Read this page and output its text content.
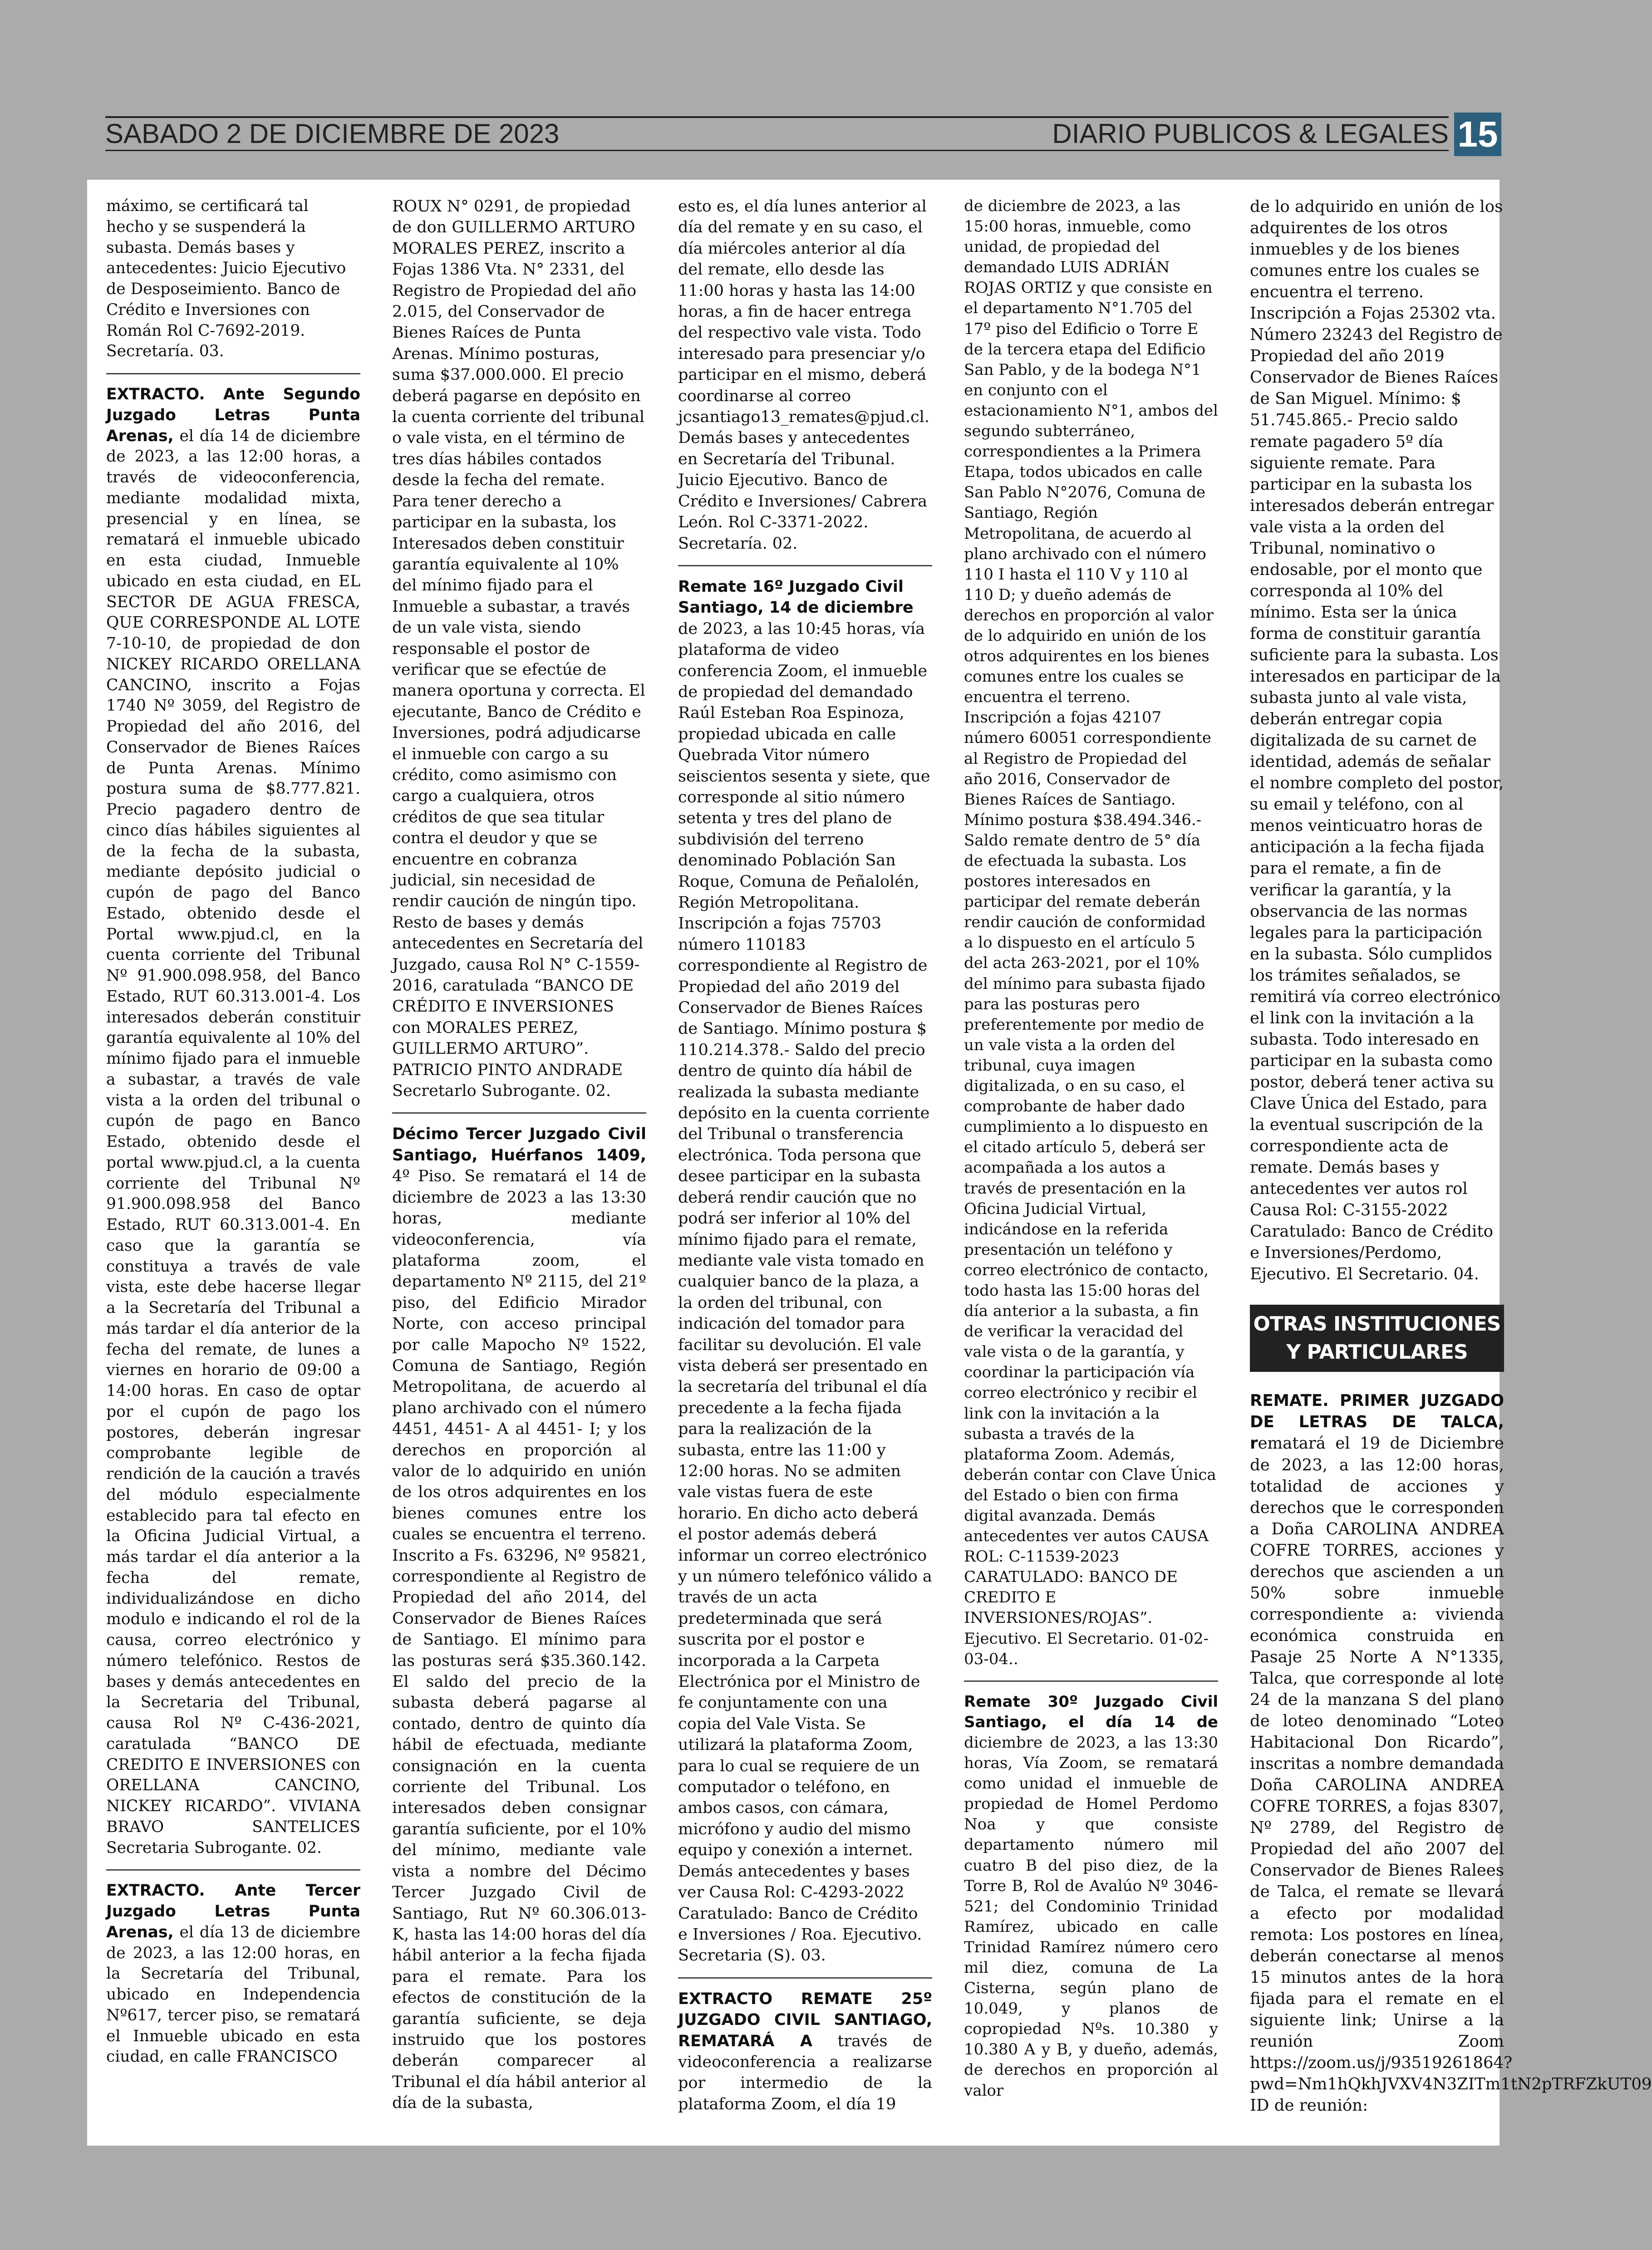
SABADO 2 DE DICIEMBRE DE 2023	DIARIO PUBLICOS & LEGALES 15

máximo, se certificará tal hecho y se suspenderá la subasta. Demás bases y antecedentes: Juicio Ejecutivo de Desposeimiento. Banco de Crédito e Inversiones con Román Rol C-7692-2019. Secretaría. 03.

EXTRACTO. Ante Segundo Juzgado Letras Punta Arenas, el día 14 de diciembre de 2023, a las 12:00 horas, a través de videoconferencia, mediante modalidad mixta, presencial y en línea, se rematará el inmueble ubicado en esta ciudad, Inmueble ubicado en esta ciudad, en EL SECTOR DE AGUA FRESCA, QUE CORRESPONDE AL LOTE 7-10-10, de propiedad de don NICKEY RICARDO ORELLANA CANCINO, inscrito a Fojas 1740 Nº 3059, del Registro de Propiedad del año 2016, del Conservador de Bienes Raíces de Punta Arenas. Mínimo postura suma de $8.777.821. Precio pagadero dentro de cinco días hábiles siguientes al de la fecha de la subasta, mediante depósito judicial o cupón de pago del Banco Estado, obtenido desde el Portal www.pjud.cl, en la cuenta corriente del Tribunal Nº 91.900.098.958, del Banco Estado, RUT 60.313.001-4. Los interesados deberán constituir garantía equivalente al 10% del mínimo fijado para el inmueble a subastar, a través de vale vista a la orden del tribunal o cupón de pago en Banco Estado, obtenido desde el portal www.pjud.cl, a la cuenta corriente del Tribunal Nº 91.900.098.958 del Banco Estado, RUT 60.313.001-4. En caso que la garantía se constituya a través de vale vista, este debe hacerse llegar a la Secretaría del Tribunal a más tardar el día anterior de la fecha del remate, de lunes a viernes en horario de 09:00 a 14:00 horas. En caso de optar por el cupón de pago los postores, deberán ingresar comprobante legible de rendición de la caución a través del módulo especialmente establecido para tal efecto en la Oficina Judicial Virtual, a más tardar el día anterior a la fecha del remate, individualizándose en dicho modulo e indicando el rol de la causa, correo electrónico y número telefónico. Restos de bases y demás antecedentes en la Secretaria del Tribunal, causa Rol Nº C-436-2021, caratulada “BANCO DE CREDITO E INVERSIONES con ORELLANA CANCINO, NICKEY RICARDO”. VIVIANA BRAVO SANTELICES Secretaria Subrogante. 02.

EXTRACTO. Ante Tercer Juzgado Letras Punta Arenas, el día 13 de diciembre de 2023, a las 12:00 horas, en la Secretaría del Tribunal, ubicado en Independencia Nº617, tercer piso, se rematará el Inmueble ubicado en esta ciudad, en calle FRANCISCO

ROUX N° 0291, de propiedad de don GUILLERMO ARTURO MORALES PEREZ, inscrito a Fojas 1386 Vta. N° 2331, del Registro de Propiedad del año 2.015, del Conservador de Bienes Raíces de Punta Arenas. Mínimo posturas, suma $37.000.000. El precio deberá pagarse en depósito en la cuenta corriente del tribunal o vale vista, en el término de tres días hábiles contados desde la fecha del remate. Para tener derecho a participar en la subasta, los Interesados deben constituir garantía equivalente al 10% del mínimo fijado para el Inmueble a subastar, a través de un vale vista, siendo responsable el postor de verificar que se efectúe de manera oportuna y correcta. El ejecutante, Banco de Crédito e Inversiones, podrá adjudicarse el inmueble con cargo a su crédito, como asimismo con cargo a cualquiera, otros créditos de que sea titular contra el deudor y que se encuentre en cobranza judicial, sin necesidad de rendir caución de ningún tipo. Resto de bases y demás antecedentes en Secretaría del Juzgado, causa Rol N° C-1559-2016, caratulada “BANCO DE CRÉDITO E INVERSIONES con MORALES PEREZ, GUILLERMO ARTURO”. PATRICIO PINTO ANDRADE Secretarlo Subrogante. 02.

Décimo Tercer Juzgado Civil Santiago, Huérfanos 1409, 4º Piso. Se rematará el 14 de diciembre de 2023 a las 13:30 horas, mediante videoconferencia, vía plataforma zoom, el departamento Nº 2115, del 21º piso, del Edificio Mirador Norte, con acceso principal por calle Mapocho Nº 1522, Comuna de Santiago, Región Metropolitana, de acuerdo al plano archivado con el número 4451, 4451- A al 4451- I; y los derechos en proporción al valor de lo adquirido en unión de los otros adquirentes en los bienes comunes entre los cuales se encuentra el terreno. Inscrito a Fs. 63296, Nº 95821, correspondiente al Registro de Propiedad del año 2014, del Conservador de Bienes Raíces de Santiago. El mínimo para las posturas será $35.360.142. El saldo del precio de la subasta deberá pagarse al contado, dentro de quinto día hábil de efectuada, mediante consignación en la cuenta corriente del Tribunal. Los interesados deben consignar garantía suficiente, por el 10% del mínimo, mediante vale vista a nombre del Décimo Tercer Juzgado Civil de Santiago, Rut Nº 60.306.013-K, hasta las 14:00 horas del día hábil anterior a la fecha fijada para el remate. Para los efectos de constitución de la garantía suficiente, se deja instruido que los postores deberán comparecer al Tribunal el día hábil anterior al día de la subasta,

esto es, el día lunes anterior al día del remate y en su caso, el día miércoles anterior al día del remate, ello desde las 11:00 horas y hasta las 14:00 horas, a fin de hacer entrega del respectivo vale vista. Todo interesado para presenciar y/o participar en el mismo, deberá coordinarse al correo jcsantiago13_remates@pjud.cl. Demás bases y antecedentes en Secretaría del Tribunal. Juicio Ejecutivo. Banco de Crédito e Inversiones/ Cabrera León. Rol C-3371-2022. Secretaría. 02.

Remate 16º Juzgado Civil Santiago, 14 de diciembre de 2023, a las 10:45 horas, vía plataforma de video conferencia Zoom, el inmueble de propiedad del demandado Raúl Esteban Roa Espinoza, propiedad ubicada en calle Quebrada Vitor número seiscientos sesenta y siete, que corresponde al sitio número setenta y tres del plano de subdivisión del terreno denominado Población San Roque, Comuna de Peñalolén, Región Metropolitana. Inscripción a fojas 75703 número 110183 correspondiente al Registro de Propiedad del año 2019 del Conservador de Bienes Raíces de Santiago. Mínimo postura $ 110.214.378.- Saldo del precio dentro de quinto día hábil de realizada la subasta mediante depósito en la cuenta corriente del Tribunal o transferencia electrónica. Toda persona que desee participar en la subasta deberá rendir caución que no podrá ser inferior al 10% del mínimo fijado para el remate, mediante vale vista tomado en cualquier banco de la plaza, a la orden del tribunal, con indicación del tomador para facilitar su devolución. El vale vista deberá ser presentado en la secretaría del tribunal el día precedente a la fecha fijada para la realización de la subasta, entre las 11:00 y 12:00 horas. No se admiten vale vistas fuera de este horario. En dicho acto deberá el postor además deberá informar un correo electrónico y un número telefónico válido a través de un acta predeterminada que será suscrita por el postor e incorporada a la Carpeta Electrónica por el Ministro de fe conjuntamente con una copia del Vale Vista. Se utilizará la plataforma Zoom, para lo cual se requiere de un computador o teléfono, en ambos casos, con cámara, micrófono y audio del mismo equipo y conexión a internet. Demás antecedentes y bases ver Causa Rol: C-4293-2022 Caratulado: Banco de Crédito e Inversiones / Roa. Ejecutivo. Secretaria (S). 03.

EXTRACTO REMATE 25º JUZGADO CIVIL SANTIAGO, REMATARÁ A través de videoconferencia a realizarse por intermedio de la plataforma Zoom, el día 19

de diciembre de 2023, a las 15:00 horas, inmueble, como unidad, de propiedad del demandado LUIS ADRIÁN ROJAS ORTIZ y que consiste en el departamento N°1.705 del 17º piso del Edificio o Torre E de la tercera etapa del Edificio San Pablo, y de la bodega N°1 en conjunto con el estacionamiento N°1, ambos del segundo subterráneo, correspondientes a la Primera Etapa, todos ubicados en calle San Pablo N°2076, Comuna de Santiago, Región Metropolitana, de acuerdo al plano archivado con el número 110 I hasta el 110 V y 110 al 110 D; y dueño además de derechos en proporción al valor de lo adquirido en unión de los otros adquirentes en los bienes comunes entre los cuales se encuentra el terreno. Inscripción a fojas 42107 número 60051 correspondiente al Registro de Propiedad del año 2016, Conservador de Bienes Raíces de Santiago. Mínimo postura $38.494.346.- Saldo remate dentro de 5° día de efectuada la subasta. Los postores interesados en participar del remate deberán rendir caución de conformidad a lo dispuesto en el artículo 5 del acta 263-2021, por el 10% del mínimo para subasta fijado para las posturas pero preferentemente por medio de un vale vista a la orden del tribunal, cuya imagen digitalizada, o en su caso, el comprobante de haber dado cumplimiento a lo dispuesto en el citado artículo 5, deberá ser acompañada a los autos a través de presentación en la Oficina Judicial Virtual, indicándose en la referida presentación un teléfono y correo electrónico de contacto, todo hasta las 15:00 horas del día anterior a la subasta, a fin de verificar la veracidad del vale vista o de la garantía, y coordinar la participación vía correo electrónico y recibir el link con la invitación a la subasta a través de la plataforma Zoom. Además, deberán contar con Clave Única del Estado o bien con firma digital avanzada. Demás antecedentes ver autos CAUSA ROL: C-11539-2023 CARATULADO: BANCO DE CREDITO E INVERSIONES/ROJAS”. Ejecutivo. El Secretario. 01-02-03-04..

Remate 30º Juzgado Civil Santiago, el día 14 de diciembre de 2023, a las 13:30 horas, Vía Zoom, se rematará como unidad el inmueble de propiedad de Homel Perdomo Noa y que consiste departamento número mil cuatro B del piso diez, de la Torre B, Rol de Avalúo Nº 3046-521; del Condominio Trinidad Ramírez, ubicado en calle Trinidad Ramírez número cero mil diez, comuna de La Cisterna, según plano de 10.049, y planos de copropiedad Nºs. 10.380 y 10.380 A y B, y dueño, además, de derechos en proporción al valor

de lo adquirido en unión de los adquirentes de los otros inmuebles y de los bienes comunes entre los cuales se encuentra el terreno. Inscripción a Fojas 25302 vta. Número 23243 del Registro de Propiedad del año 2019 Conservador de Bienes Raíces de San Miguel. Mínimo: $ 51.745.865.- Precio saldo remate pagadero 5º día siguiente remate. Para participar en la subasta los interesados deberán entregar vale vista a la orden del Tribunal, nominativo o endosable, por el monto que corresponda al 10% del mínimo. Esta ser la única forma de constituir garantía suficiente para la subasta. Los interesados en participar de la subasta junto al vale vista, deberán entregar copia digitalizada de su carnet de identidad, además de señalar el nombre completo del postor, su email y teléfono, con al menos veinticuatro horas de anticipación a la fecha fijada para el remate, a fin de verificar la garantía, y la observancia de las normas legales para la participación en la subasta. Sólo cumplidos los trámites señalados, se remitirá vía correo electrónico el link con la invitación a la subasta. Todo interesado en participar en la subasta como postor, deberá tener activa su Clave Única del Estado, para la eventual suscripción de la correspondiente acta de remate. Demás bases y antecedentes ver autos rol Causa Rol: C-3155-2022 Caratulado: Banco de Crédito e Inversiones/Perdomo, Ejecutivo. El Secretario. 04.

OTRAS INSTITUCIONES
Y PARTICULARES

REMATE. PRIMER JUZGADO DE LETRAS DE TALCA, rematará el 19 de Diciembre de 2023, a las 12:00 horas, totalidad de acciones y derechos que le corresponden a Doña CAROLINA ANDREA COFRE TORRES, acciones y derechos que ascienden a un 50% sobre inmueble correspondiente a: vivienda económica construida en Pasaje 25 Norte A N°1335, Talca, que corresponde al lote 24 de la manzana S del plano de loteo denominado “Loteo Habitacional Don Ricardo”, inscritas a nombre demandada Doña CAROLINA ANDREA COFRE TORRES, a fojas 8307, Nº 2789, del Registro de Propiedad del año 2007 del Conservador de Bienes Ralees de Talca, el remate se llevará a efecto por modalidad remota: Los postores en línea, deberán conectarse al menos 15 minutos antes de la hora fijada para el remate en el siguiente link; Unirse a la reunión Zoom https://zoom.us/j/93519261864?pwd=Nm1hQkhJVXV4N3ZITm1tN2pTRFZkUT09 ID de reunión:
